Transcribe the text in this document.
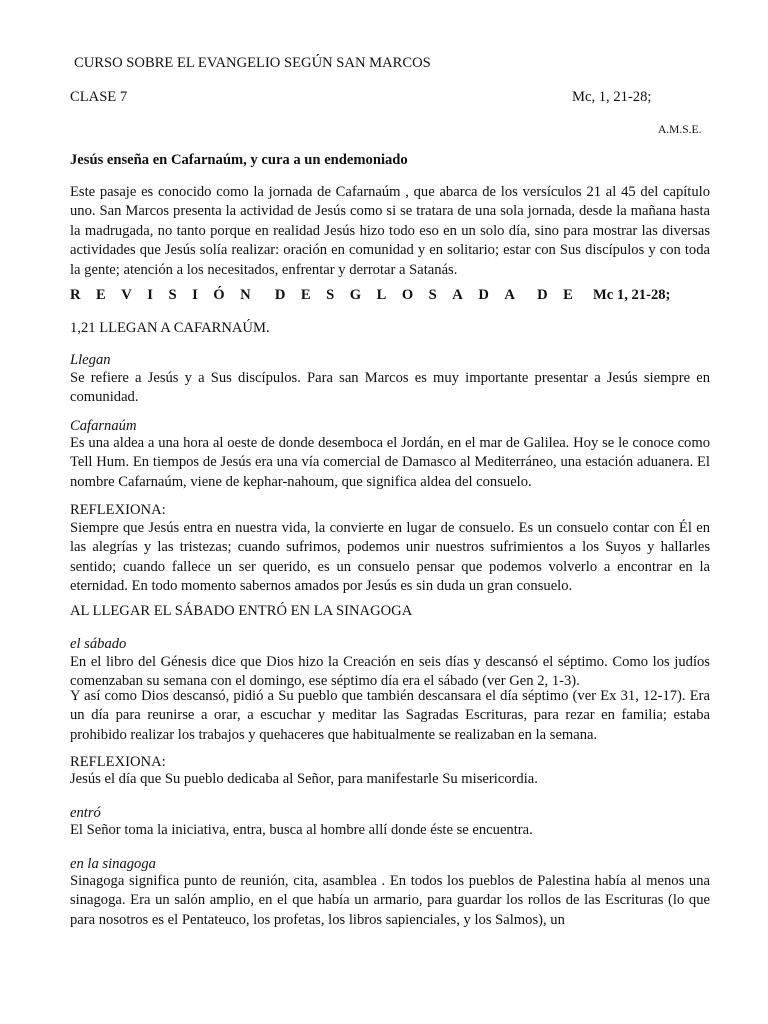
CURSO SOBRE EL EVANGELIO SEGÚN SAN MARCOS
CLASE 7	Mc, 1, 21-28;
A.M.S.E.
Jesús enseña en Cafarnaúm, y cura a un endemoniado
Este pasaje es conocido como la jornada de Cafarnaúm , que abarca de los versículos 21 al 45 del capítulo uno. San Marcos presenta la actividad de Jesús como si se tratara de una sola jornada, desde la mañana hasta la madrugada, no tanto porque en realidad Jesús hizo todo eso en un solo día, sino para mostrar las diversas actividades que Jesús solía realizar: oración en comunidad y en solitario; estar con Sus discípulos y con toda la gente; atención a los necesitados, enfrentar y derrotar a Satanás.
REVISIÓN DESGLOSADA DE Mc 1, 21-28;
1,21 LLEGAN A CAFARNAÚM.
Llegan
Se refiere a Jesús y a Sus discípulos. Para san Marcos es muy importante presentar a Jesús siempre en comunidad.
Cafarnaúm
Es una aldea a una hora al oeste de donde desemboca el Jordán, en el mar de Galilea. Hoy se le conoce como Tell Hum. En tiempos de Jesús era una vía comercial de Damasco al Mediterráneo, una estación aduanera. El nombre Cafarnaúm, viene de kephar-nahoum, que significa aldea del consuelo.
REFLEXIONA:
Siempre que Jesús entra en nuestra vida, la convierte en lugar de consuelo. Es un consuelo contar con Él en las alegrías y las tristezas; cuando sufrimos, podemos unir nuestros sufrimientos a los Suyos y hallarles sentido; cuando fallece un ser querido, es un consuelo pensar que podemos volverlo a encontrar en la eternidad. En todo momento sabernos amados por Jesús es sin duda un gran consuelo.
AL LLEGAR EL SÁBADO ENTRÓ EN LA SINAGOGA
el sábado
En el libro del Génesis dice que Dios hizo la Creación en seis días y descansó el séptimo. Como los judíos comenzaban su semana con el domingo, ese séptimo día era el sábado (ver Gen 2, 1-3).
Y así como Dios descansó, pidió a Su pueblo que también descansara el día séptimo (ver Ex 31, 12-17). Era un día para reunirse a orar, a escuchar y meditar las Sagradas Escrituras, para rezar en familia; estaba prohibido realizar los trabajos y quehaceres que habitualmente se realizaban en la semana.
REFLEXIONA:
Jesús el día que Su pueblo dedicaba al Señor, para manifestarle Su misericordia.
entró
El Señor toma la iniciativa, entra, busca al hombre allí donde éste se encuentra.
en la sinagoga
Sinagoga significa punto de reunión, cita, asamblea . En todos los pueblos de Palestina había al menos una sinagoga. Era un salón amplio, en el que había un armario, para guardar los rollos de las Escrituras (lo que para nosotros es el Pentateuco, los profetas, los libros sapienciales, y los Salmos), un
